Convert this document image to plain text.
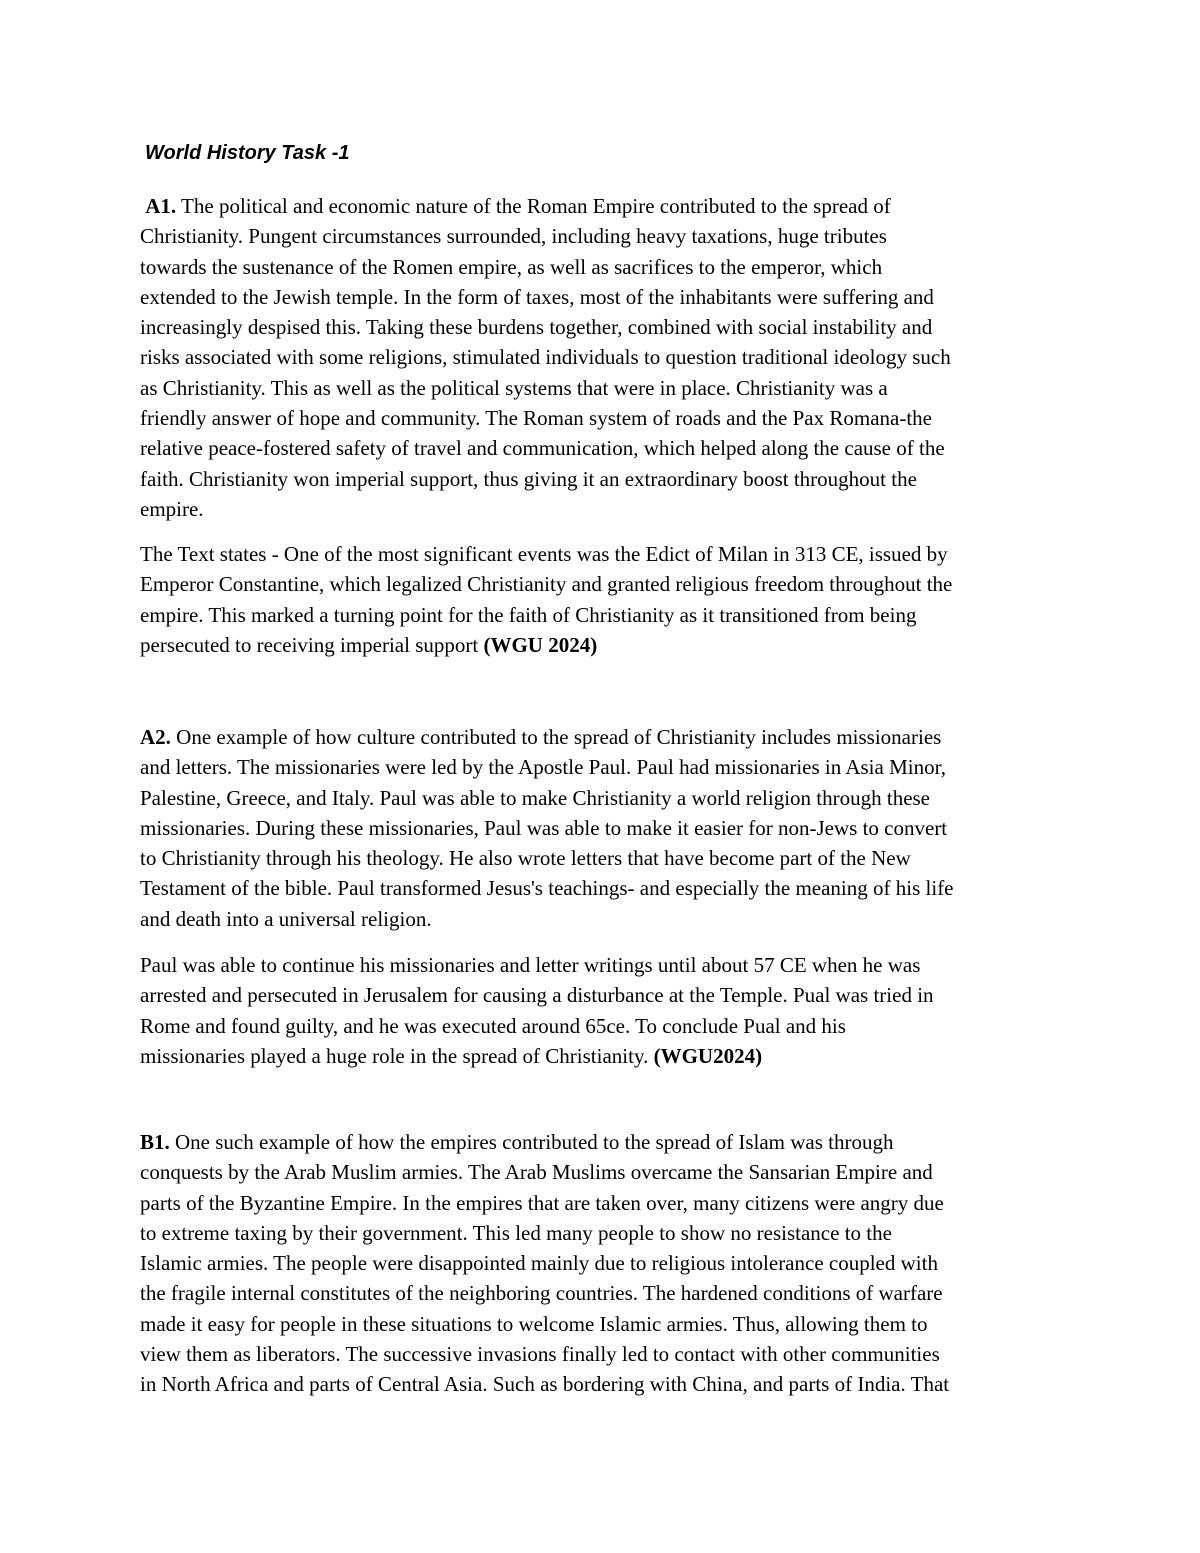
World History Task -1

A1. The political and economic nature of the Roman Empire contributed to the spread of
Christianity. Pungent circumstances surrounded, including heavy taxations, huge tributes
towards the sustenance of the Romen empire, as well as sacrifices to the emperor, which
extended to the Jewish temple. In the form of taxes, most of the inhabitants were suffering and
increasingly despised this. Taking these burdens together, combined with social instability and
risks associated with some religions, stimulated individuals to question traditional ideology such
as Christianity. This as well as the political systems that were in place. Christianity was a
friendly answer of hope and community. The Roman system of roads and the Pax Romana-the
relative peace-fostered safety of travel and communication, which helped along the cause of the
faith. Christianity won imperial support, thus giving it an extraordinary boost throughout the
empire.

The Text states - One of the most significant events was the Edict of Milan in 313 CE, issued by
Emperor Constantine, which legalized Christianity and granted religious freedom throughout the
empire. This marked a turning point for the faith of Christianity as it transitioned from being
persecuted to receiving imperial support (WGU 2024)

A2. One example of how culture contributed to the spread of Christianity includes missionaries
and letters. The missionaries were led by the Apostle Paul. Paul had missionaries in Asia Minor,
Palestine, Greece, and Italy. Paul was able to make Christianity a world religion through these
missionaries. During these missionaries, Paul was able to make it easier for non-Jews to convert
to Christianity through his theology. He also wrote letters that have become part of the New
Testament of the bible. Paul transformed Jesus's teachings- and especially the meaning of his life
and death into a universal religion.

Paul was able to continue his missionaries and letter writings until about 57 CE when he was
arrested and persecuted in Jerusalem for causing a disturbance at the Temple. Pual was tried in
Rome and found guilty, and he was executed around 65ce. To conclude Pual and his
missionaries played a huge role in the spread of Christianity. (WGU2024)

B1. One such example of how the empires contributed to the spread of Islam was through
conquests by the Arab Muslim armies. The Arab Muslims overcame the Sansarian Empire and
parts of the Byzantine Empire. In the empires that are taken over, many citizens were angry due
to extreme taxing by their government. This led many people to show no resistance to the
Islamic armies. The people were disappointed mainly due to religious intolerance coupled with
the fragile internal constitutes of the neighboring countries. The hardened conditions of warfare
made it easy for people in these situations to welcome Islamic armies. Thus, allowing them to
view them as liberators. The successive invasions finally led to contact with other communities
in North Africa and parts of Central Asia. Such as bordering with China, and parts of India. That
